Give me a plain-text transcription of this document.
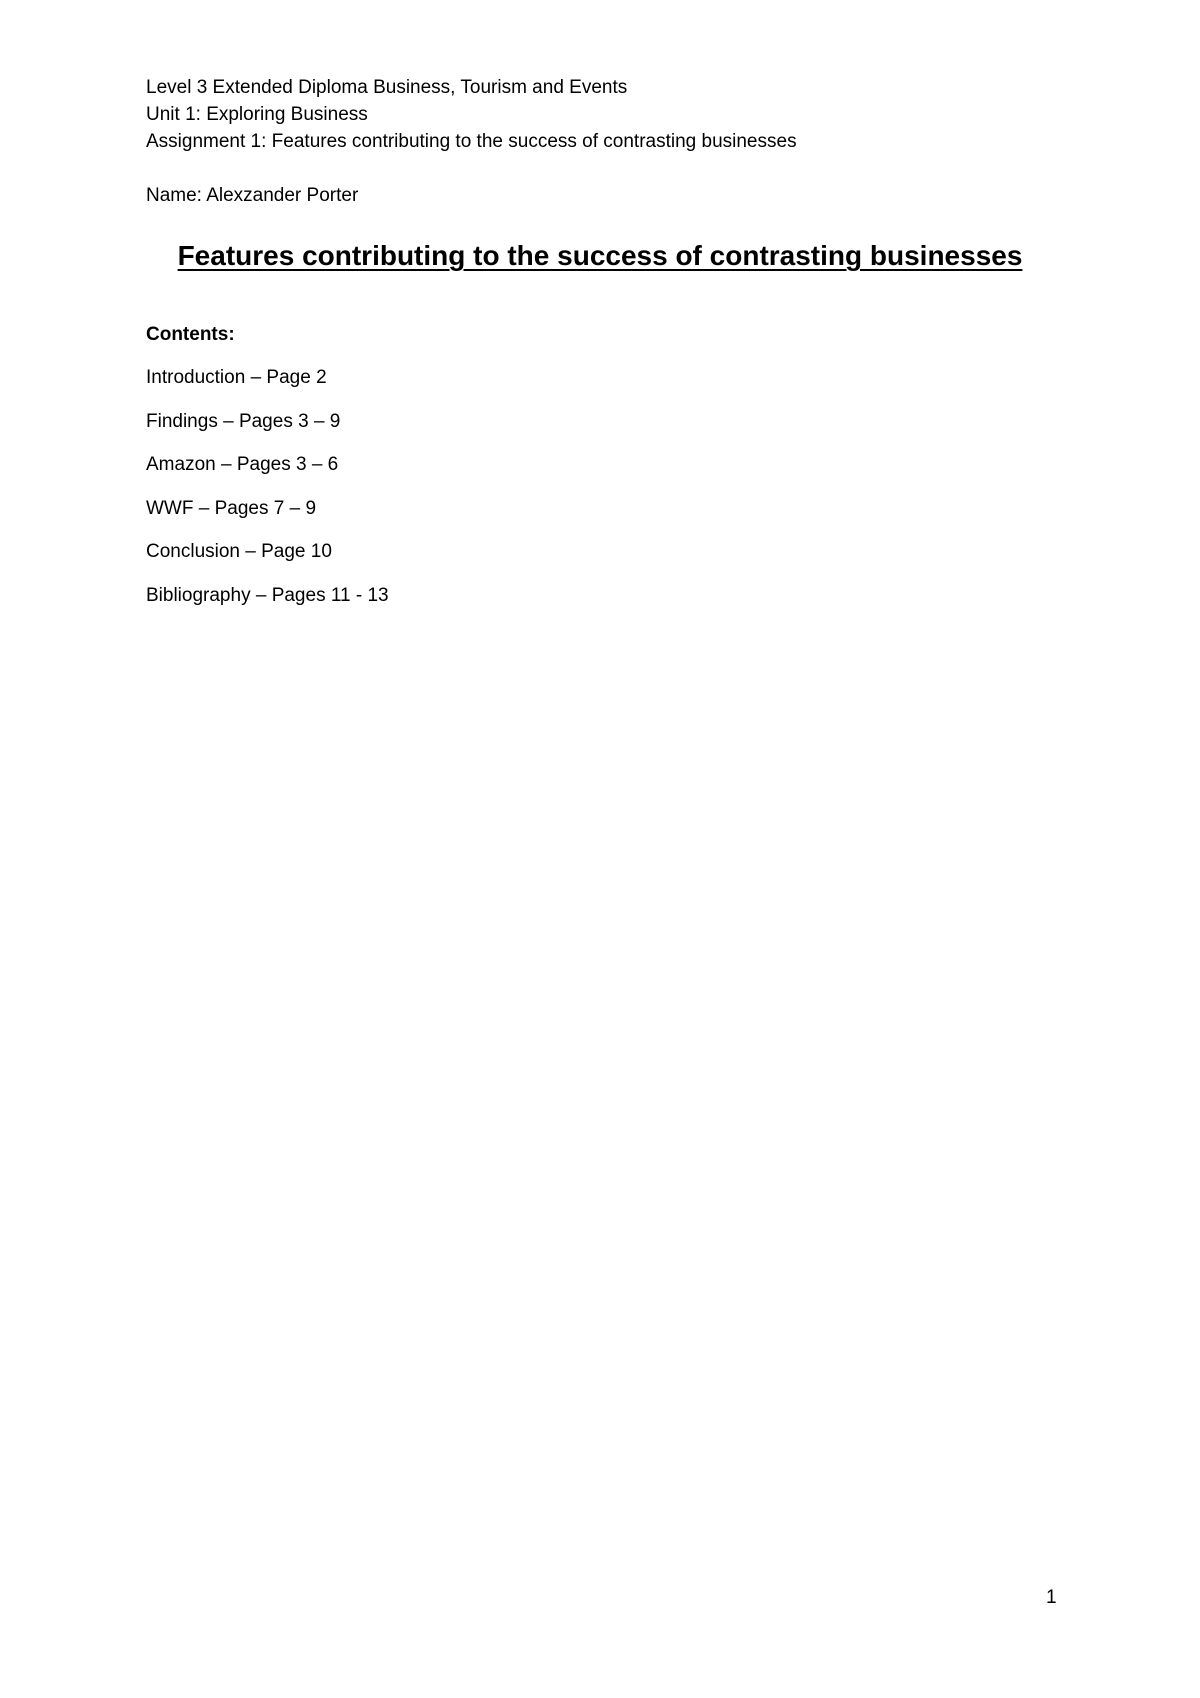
Level 3 Extended Diploma Business, Tourism and Events
Unit 1: Exploring Business
Assignment 1: Features contributing to the success of contrasting businesses
Name: Alexzander Porter
Features contributing to the success of contrasting businesses
Contents:
Introduction – Page 2
Findings – Pages 3 – 9
Amazon – Pages 3 – 6
WWF – Pages 7 – 9
Conclusion – Page 10
Bibliography – Pages 11 - 13
1
